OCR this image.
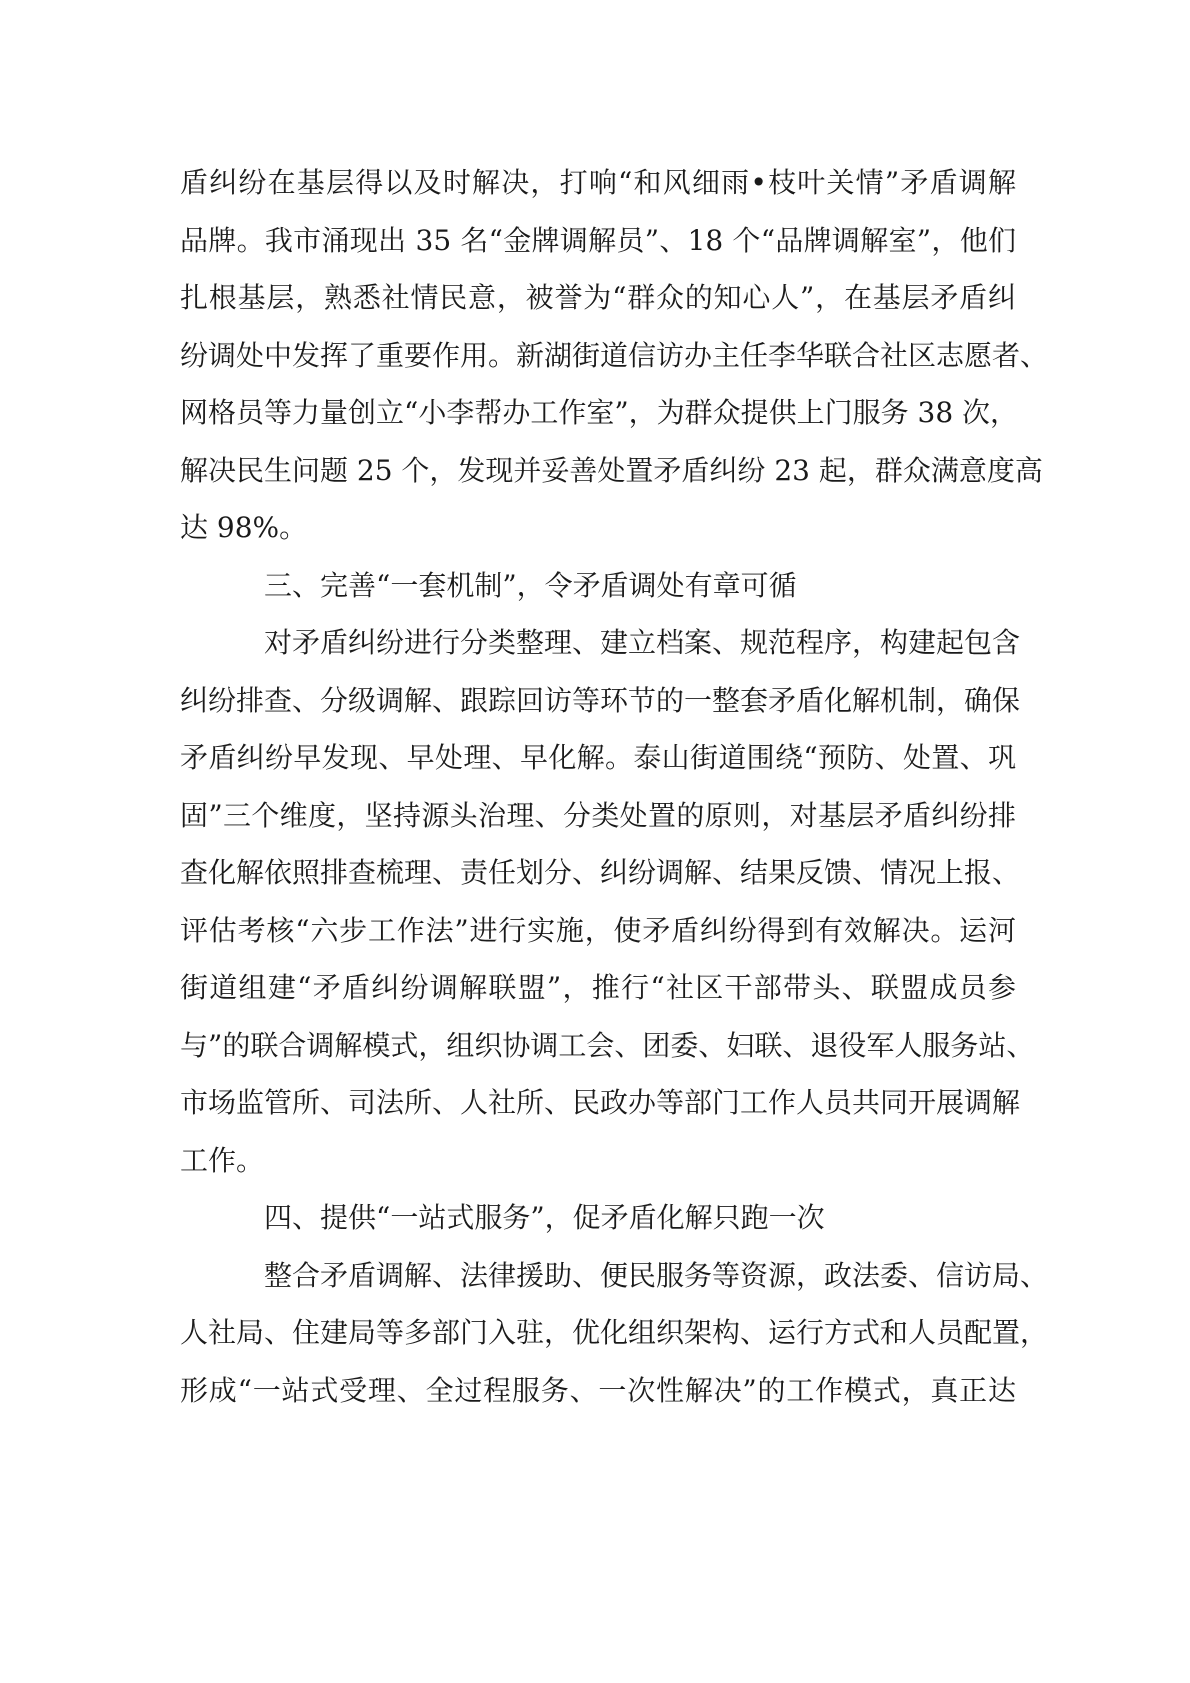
盾纠纷在基层得以及时解决，打响“和风细雨•枝叶关情”矛盾调解
品牌。我市涌现出 35 名“金牌调解员”、18 个“品牌调解室”，他们
扎根基层，熟悉社情民意，被誉为“群众的知心人”，在基层矛盾纠
纷调处中发挥了重要作用。新湖街道信访办主任李华联合社区志愿者、
网格员等力量创立“小李帮办工作室”，为群众提供上门服务 38 次，
解决民生问题 25 个，发现并妥善处置矛盾纠纷 23 起，群众满意度高
达 98%。
三、完善“一套机制”，令矛盾调处有章可循
对矛盾纠纷进行分类整理、建立档案、规范程序，构建起包含
纠纷排查、分级调解、跟踪回访等环节的一整套矛盾化解机制，确保
矛盾纠纷早发现、早处理、早化解。泰山街道围绕“预防、处置、巩
固”三个维度，坚持源头治理、分类处置的原则，对基层矛盾纠纷排
查化解依照排查梳理、责任划分、纠纷调解、结果反馈、情况上报、
评估考核“六步工作法”进行实施，使矛盾纠纷得到有效解决。运河
街道组建“矛盾纠纷调解联盟”，推行“社区干部带头、联盟成员参
与”的联合调解模式，组织协调工会、团委、妇联、退役军人服务站、
市场监管所、司法所、人社所、民政办等部门工作人员共同开展调解
工作。
四、提供“一站式服务”，促矛盾化解只跑一次
整合矛盾调解、法律援助、便民服务等资源，政法委、信访局、
人社局、住建局等多部门入驻，优化组织架构、运行方式和人员配置，
形成“一站式受理、全过程服务、一次性解决”的工作模式，真正达
